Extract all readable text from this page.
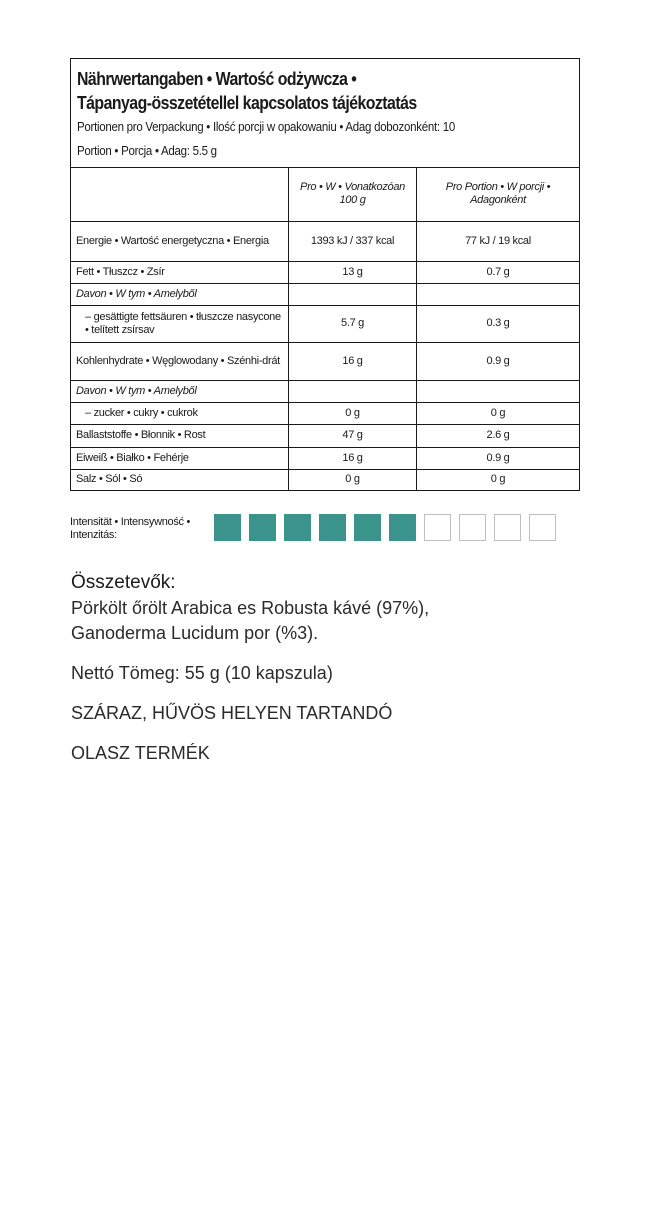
Nährwertangaben • Wartość odżywcza •
Tápanyag-összetétellel kapcsolatos tájékoztatás
Portionen pro Verpackung • Ilość porcji w opakowaniu • Adag dobozonként: 10
Portion • Porcja • Adag: 5.5 g
	Pro • W • Vonatkozóan 100 g	Pro Portion • W porcji • Adagonként
Energie • Wartość energetyczna • Energia	1393 kJ / 337 kcal	77 kJ / 19 kcal
Fett • Tłuszcz • Zsír	13 g	0.7 g
Davon • W tym • Amelyből		
– gesättigte fettsäuren • tłuszcze nasycone • telített zsírsav	5.7 g	0.3 g
Kohlenhydrate • Węglowodany • Szénhi-drát	16 g	0.9 g
Davon • W tym • Amelyből		
– zucker • cukry • cukrok	0 g	0 g
Ballaststoffe • Błonnik • Rost	47 g	2.6 g
Eiweiß • Białko • Fehérje	16 g	0.9 g
Salz • Sól • Só	0 g	0 g
Intensität • Intensywność • Intenzitás:
Összetevők:
Pörkölt őrölt Arabica es Robusta kávé (97%), Ganoderma Lucidum por (%3).
Nettó Tömeg: 55 g (10 kapszula)
SZÁRAZ, HŰVÖS HELYEN TARTANDÓ
OLASZ TERMÉK
